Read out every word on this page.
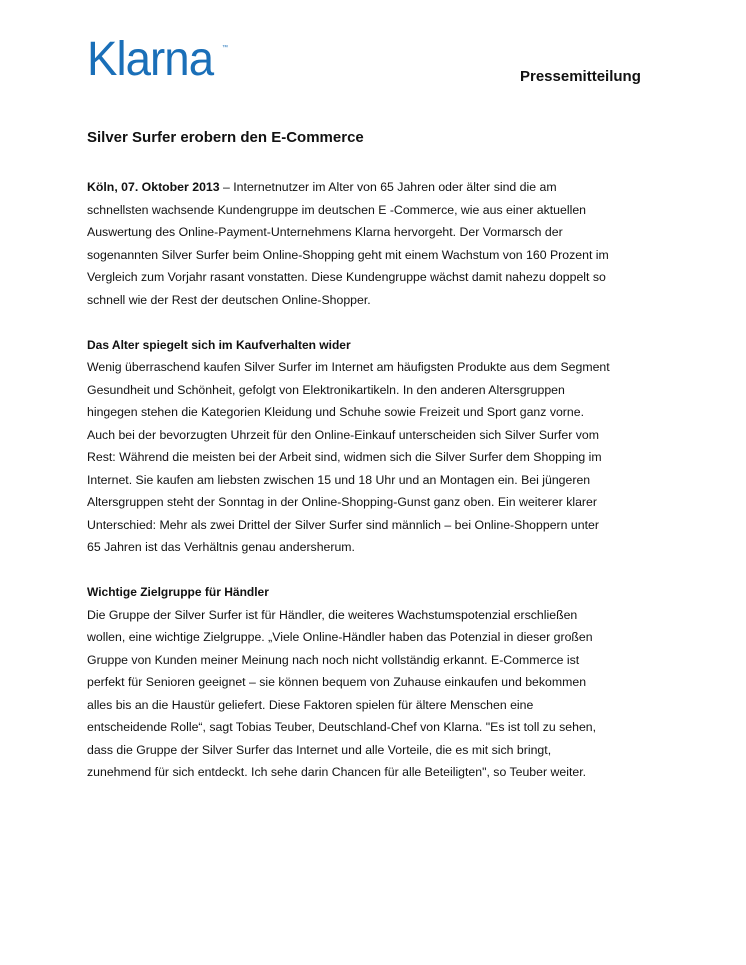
Klarna ™
Pressemitteilung
Silver Surfer erobern den E-Commerce

Köln, 07. Oktober 2013 – Internetnutzer im Alter von 65 Jahren oder älter sind die am
schnellsten wachsende Kundengruppe im deutschen E -Commerce, wie aus einer aktuellen
Auswertung des Online-Payment-Unternehmens Klarna hervorgeht. Der Vormarsch der
sogenannten Silver Surfer beim Online-Shopping geht mit einem Wachstum von 160 Prozent im
Vergleich zum Vorjahr rasant vonstatten. Diese Kundengruppe wächst damit nahezu doppelt so
schnell wie der Rest der deutschen Online-Shopper.

Das Alter spiegelt sich im Kaufverhalten wider
Wenig überraschend kaufen Silver Surfer im Internet am häufigsten Produkte aus dem Segment
Gesundheit und Schönheit, gefolgt von Elektronikartikeln. In den anderen Altersgruppen
hingegen stehen die Kategorien Kleidung und Schuhe sowie Freizeit und Sport ganz vorne.
Auch bei der bevorzugten Uhrzeit für den Online-Einkauf unterscheiden sich Silver Surfer vom
Rest: Während die meisten bei der Arbeit sind, widmen sich die Silver Surfer dem Shopping im
Internet. Sie kaufen am liebsten zwischen 15 und 18 Uhr und an Montagen ein. Bei jüngeren
Altersgruppen steht der Sonntag in der Online-Shopping-Gunst ganz oben. Ein weiterer klarer
Unterschied: Mehr als zwei Drittel der Silver Surfer sind männlich – bei Online-Shoppern unter
65 Jahren ist das Verhältnis genau andersherum.

Wichtige Zielgruppe für Händler
Die Gruppe der Silver Surfer ist für Händler, die weiteres Wachstumspotenzial erschließen
wollen, eine wichtige Zielgruppe. „Viele Online-Händler haben das Potenzial in dieser großen
Gruppe von Kunden meiner Meinung nach noch nicht vollständig erkannt. E-Commerce ist
perfekt für Senioren geeignet – sie können bequem von Zuhause einkaufen und bekommen
alles bis an die Haustür geliefert. Diese Faktoren spielen für ältere Menschen eine
entscheidende Rolle“, sagt Tobias Teuber, Deutschland-Chef von Klarna. "Es ist toll zu sehen,
dass die Gruppe der Silver Surfer das Internet und alle Vorteile, die es mit sich bringt,
zunehmend für sich entdeckt. Ich sehe darin Chancen für alle Beteiligten", so Teuber weiter.
